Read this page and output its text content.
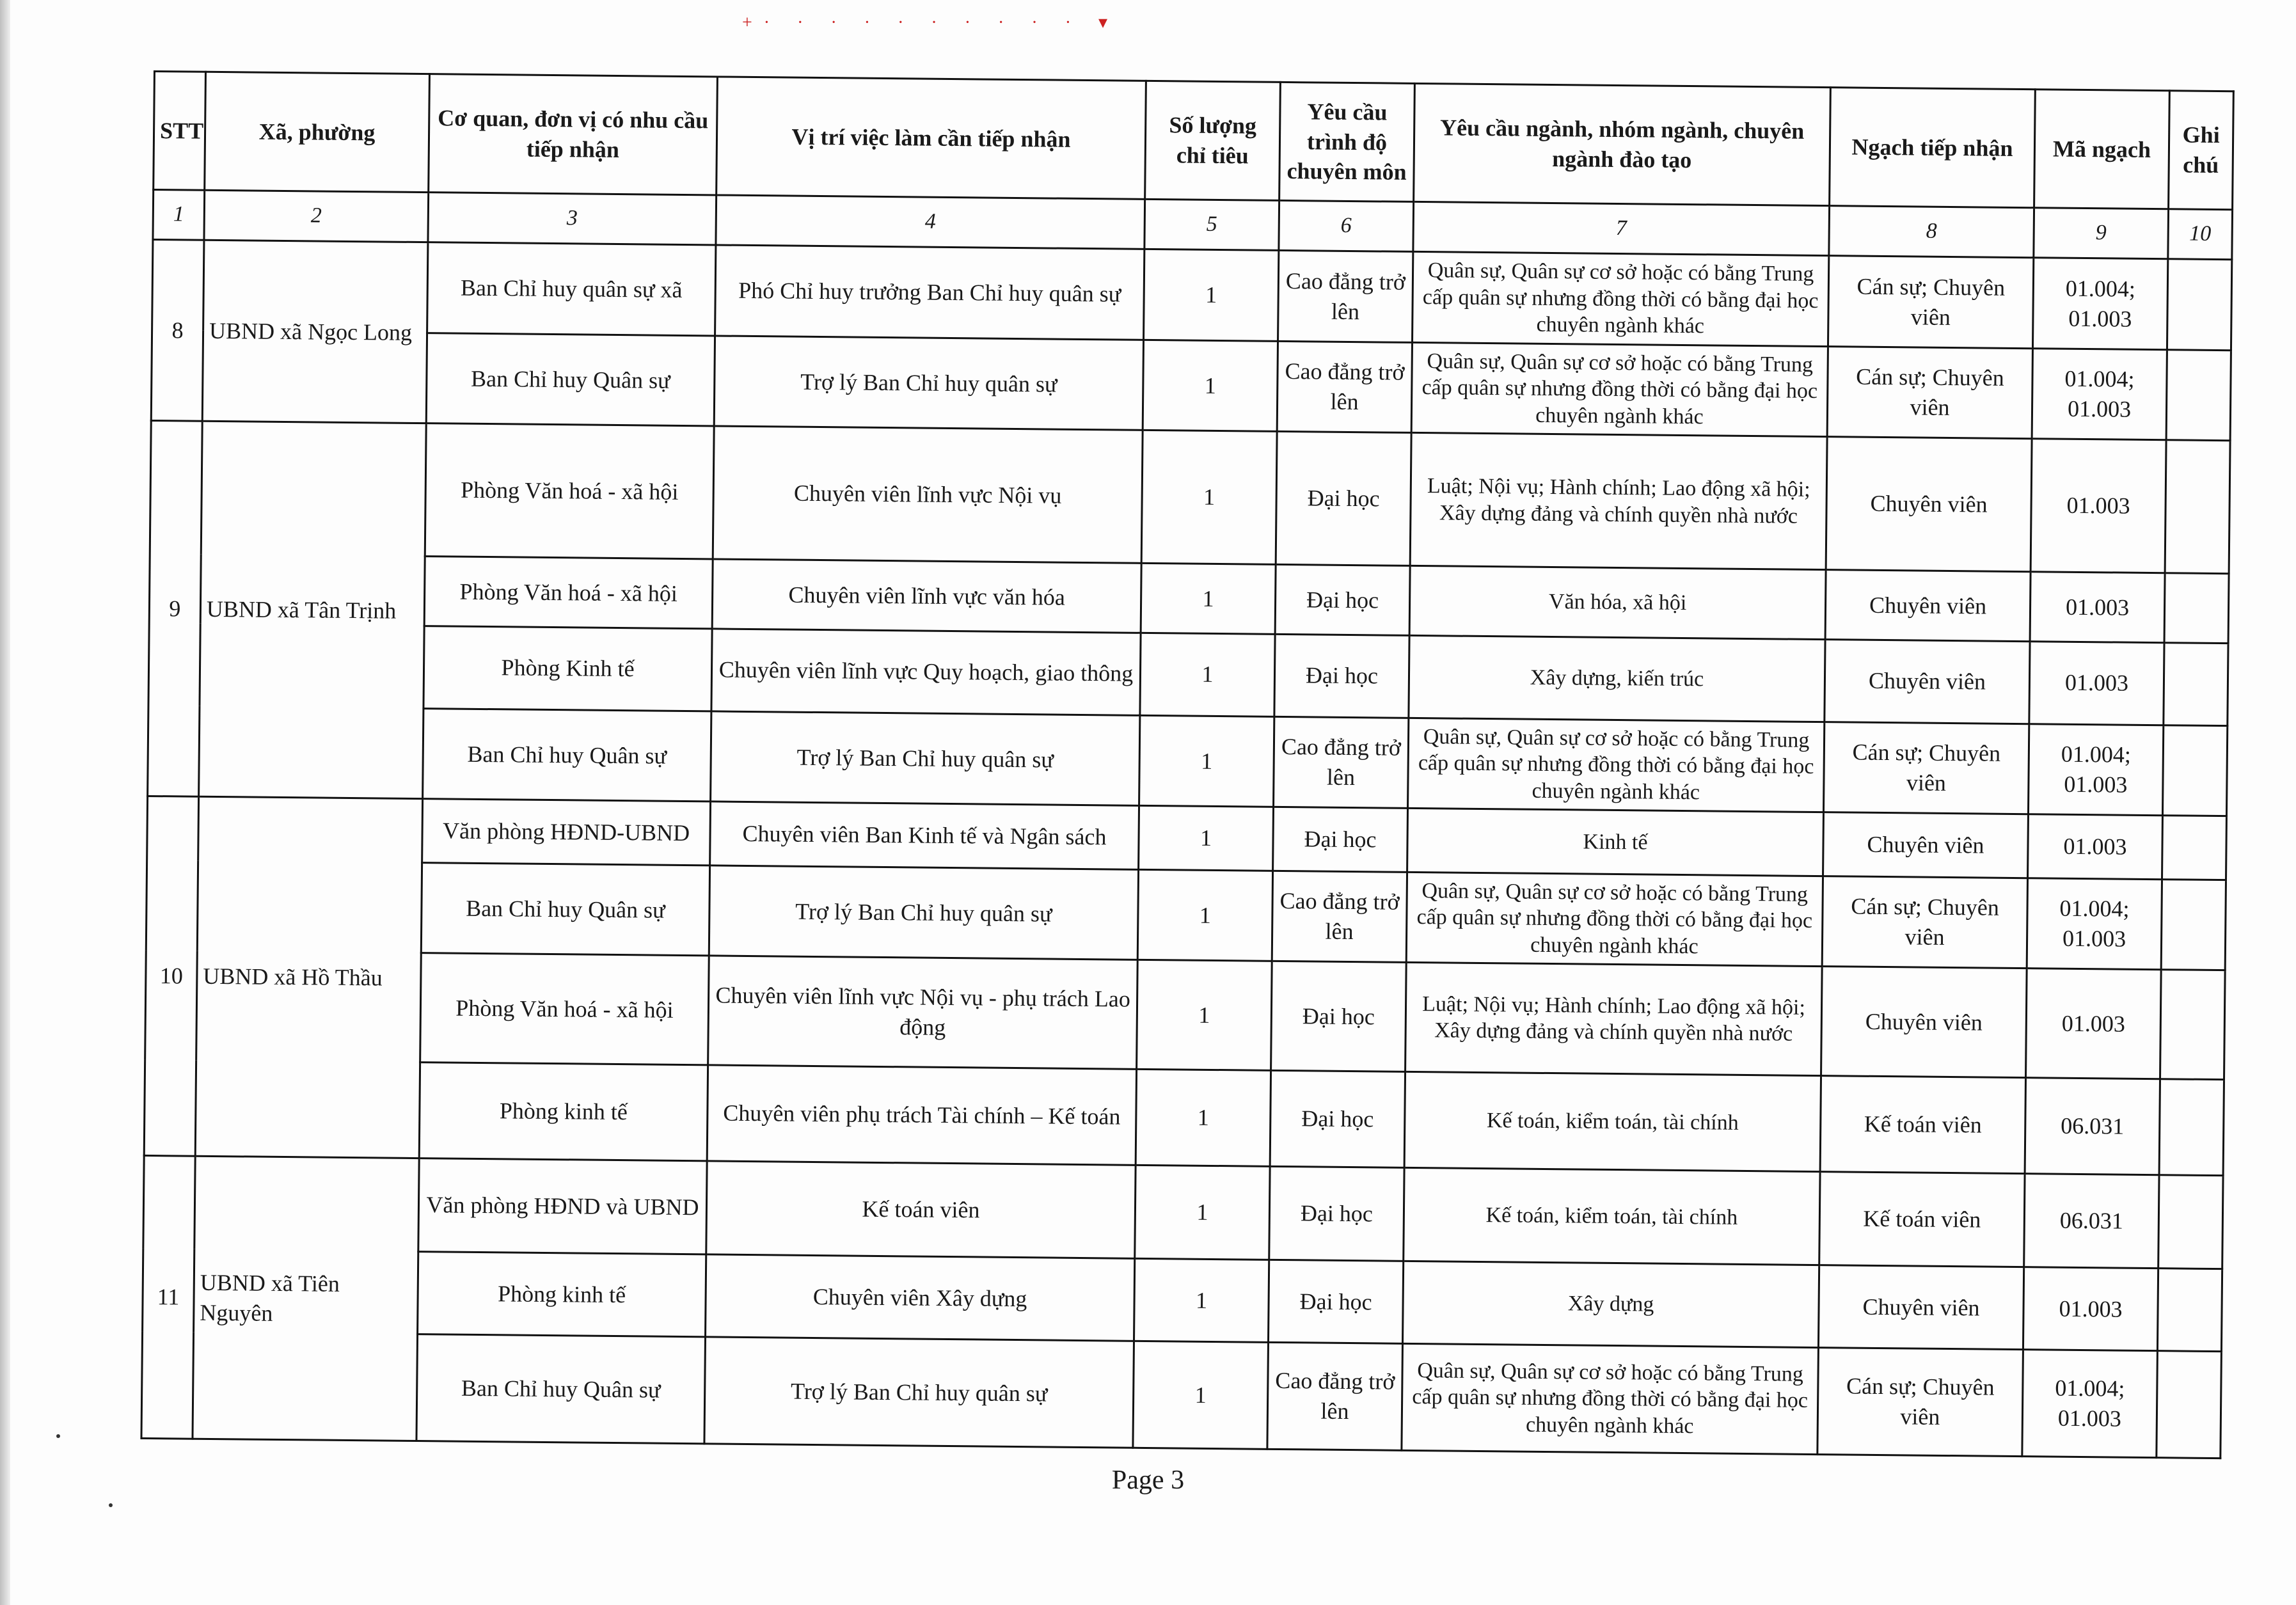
+· · · · · · · · · · ▾
STT	Xã, phường	Cơ quan, đơn vị có nhu cầu tiếp nhận	Vị trí việc làm cần tiếp nhận	Số lượng chỉ tiêu	Yêu cầu trình độ chuyên môn	Yêu cầu ngành, nhóm ngành, chuyên ngành đào tạo	Ngạch tiếp nhận	Mã ngạch	Ghi chú
1	2	3	4	5	6	7	8	9	10
8	UBND xã Ngọc Long	Ban Chỉ huy quân sự xã	Phó Chỉ huy trưởng Ban Chỉ huy quân sự	1	Cao đẳng trở lên	Quân sự, Quân sự cơ sở hoặc có bằng Trung cấp quân sự nhưng đồng thời có bằng đại học chuyên ngành khác	Cán sự; Chuyên viên	01.004; 01.003	
		Ban Chỉ huy Quân sự	Trợ lý Ban Chỉ huy quân sự	1	Cao đẳng trở lên	Quân sự, Quân sự cơ sở hoặc có bằng Trung cấp quân sự nhưng đồng thời có bằng đại học chuyên ngành khác	Cán sự; Chuyên viên	01.004; 01.003	
9	UBND xã Tân Trịnh	Phòng Văn hoá - xã hội	Chuyên viên lĩnh vực Nội vụ	1	Đại học	Luật; Nội vụ; Hành chính; Lao động xã hội; Xây dựng đảng và chính quyền nhà nước	Chuyên viên	01.003	
		Phòng Văn hoá - xã hội	Chuyên viên lĩnh vực văn hóa	1	Đại học	Văn hóa, xã hội	Chuyên viên	01.003	
		Phòng Kinh tế	Chuyên viên lĩnh vực Quy hoạch, giao thông	1	Đại học	Xây dựng, kiến trúc	Chuyên viên	01.003	
		Ban Chỉ huy Quân sự	Trợ lý Ban Chỉ huy quân sự	1	Cao đẳng trở lên	Quân sự, Quân sự cơ sở hoặc có bằng Trung cấp quân sự nhưng đồng thời có bằng đại học chuyên ngành khác	Cán sự; Chuyên viên	01.004; 01.003	
10	UBND xã Hồ Thầu	Văn phòng HĐND-UBND	Chuyên viên Ban Kinh tế và Ngân sách	1	Đại học	Kinh tế	Chuyên viên	01.003	
		Ban Chỉ huy Quân sự	Trợ lý Ban Chỉ huy quân sự	1	Cao đẳng trở lên	Quân sự, Quân sự cơ sở hoặc có bằng Trung cấp quân sự nhưng đồng thời có bằng đại học chuyên ngành khác	Cán sự; Chuyên viên	01.004; 01.003	
		Phòng Văn hoá - xã hội	Chuyên viên lĩnh vực Nội vụ - phụ trách Lao động	1	Đại học	Luật; Nội vụ; Hành chính; Lao động xã hội; Xây dựng đảng và chính quyền nhà nước	Chuyên viên	01.003	
		Phòng kinh tế	Chuyên viên phụ trách Tài chính – Kế toán	1	Đại học	Kế toán, kiểm toán, tài chính	Kế toán viên	06.031	
11	UBND xã Tiên Nguyên	Văn phòng HĐND và UBND	Kế toán viên	1	Đại học	Kế toán, kiểm toán, tài chính	Kế toán viên	06.031	
		Phòng kinh tế	Chuyên viên Xây dựng	1	Đại học	Xây dựng	Chuyên viên	01.003	
		Ban Chỉ huy Quân sự	Trợ lý Ban Chỉ huy quân sự	1	Cao đẳng trở lên	Quân sự, Quân sự cơ sở hoặc có bằng Trung cấp quân sự nhưng đồng thời có bằng đại học chuyên ngành khác	Cán sự; Chuyên viên	01.004; 01.003	
Page 3
